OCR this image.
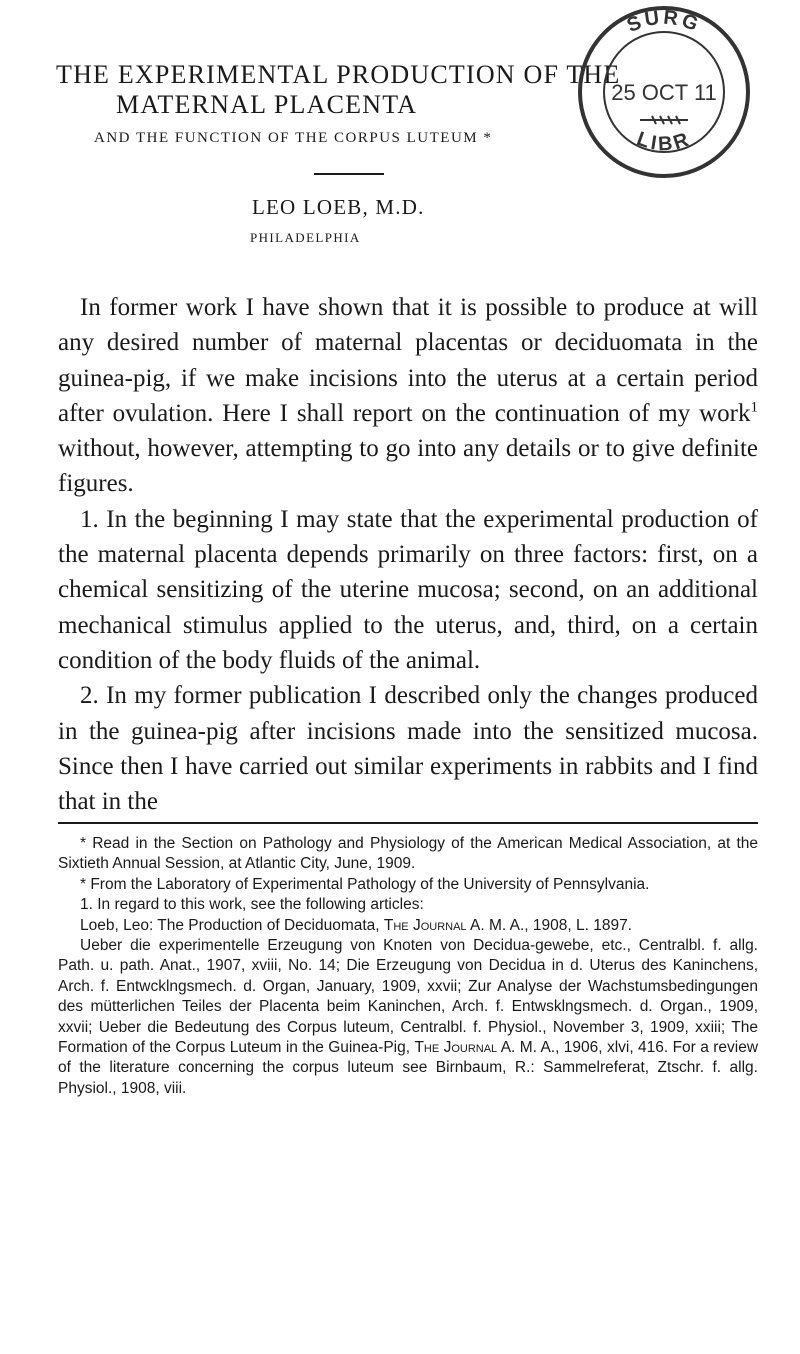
THE EXPERIMENTAL PRODUCTION OF THE
MATERNAL PLACENTA
AND THE FUNCTION OF THE CORPUS LUTEUM *
LEO LOEB, M.D.
PHILADELPHIA
SURG
25 OCT 11
LIBR

In former work I have shown that it is possible to produce at will any desired number of maternal placentas or deciduomata in the guinea-pig, if we make incisions into the uterus at a certain period after ovulation. Here I shall report on the continuation of my work$^1$ without, however, attempting to go into any details or to give definite figures.

1. In the beginning I may state that the experimental production of the maternal placenta depends primarily on three factors: first, on a chemical sensitizing of the uterine mucosa; second, on an additional mechanical stimulus applied to the uterus, and, third, on a certain condition of the body fluids of the animal.

2. In my former publication I described only the changes produced in the guinea-pig after incisions made into the sensitized mucosa. Since then I have carried out similar experiments in rabbits and I find that in the

* Read in the Section on Pathology and Physiology of the American Medical Association, at the Sixtieth Annual Session, at Atlantic City, June, 1909.

* From the Laboratory of Experimental Pathology of the University of Pennsylvania.

1. In regard to this work, see the following articles:

Loeb, Leo: The Production of Deciduomata, The Journal A. M. A., 1908, L. 1897.

Ueber die experimentelle Erzeugung von Knoten von Decidua-gewebe, etc., Centralbl. f. allg. Path. u. path. Anat., 1907, xviii, No. 14; Die Erzeugung von Decidua in d. Uterus des Kaninchens, Arch. f. Entwcklngsmech. d. Organ, January, 1909, xxvii; Zur Analyse der Wachstumsbedingungen des mütterlichen Teiles der Placenta beim Kaninchen, Arch. f. Entwsklngsmech. d. Organ., 1909, xxvii; Ueber die Bedeutung des Corpus luteum, Centralbl. f. Physiol., November 3, 1909, xxiii; The Formation of the Corpus Luteum in the Guinea-Pig, The Journal A. M. A., 1906, xlvi, 416. For a review of the literature concerning the corpus luteum see Birnbaum, R.: Sammelreferat, Ztschr. f. allg. Physiol., 1908, viii.
